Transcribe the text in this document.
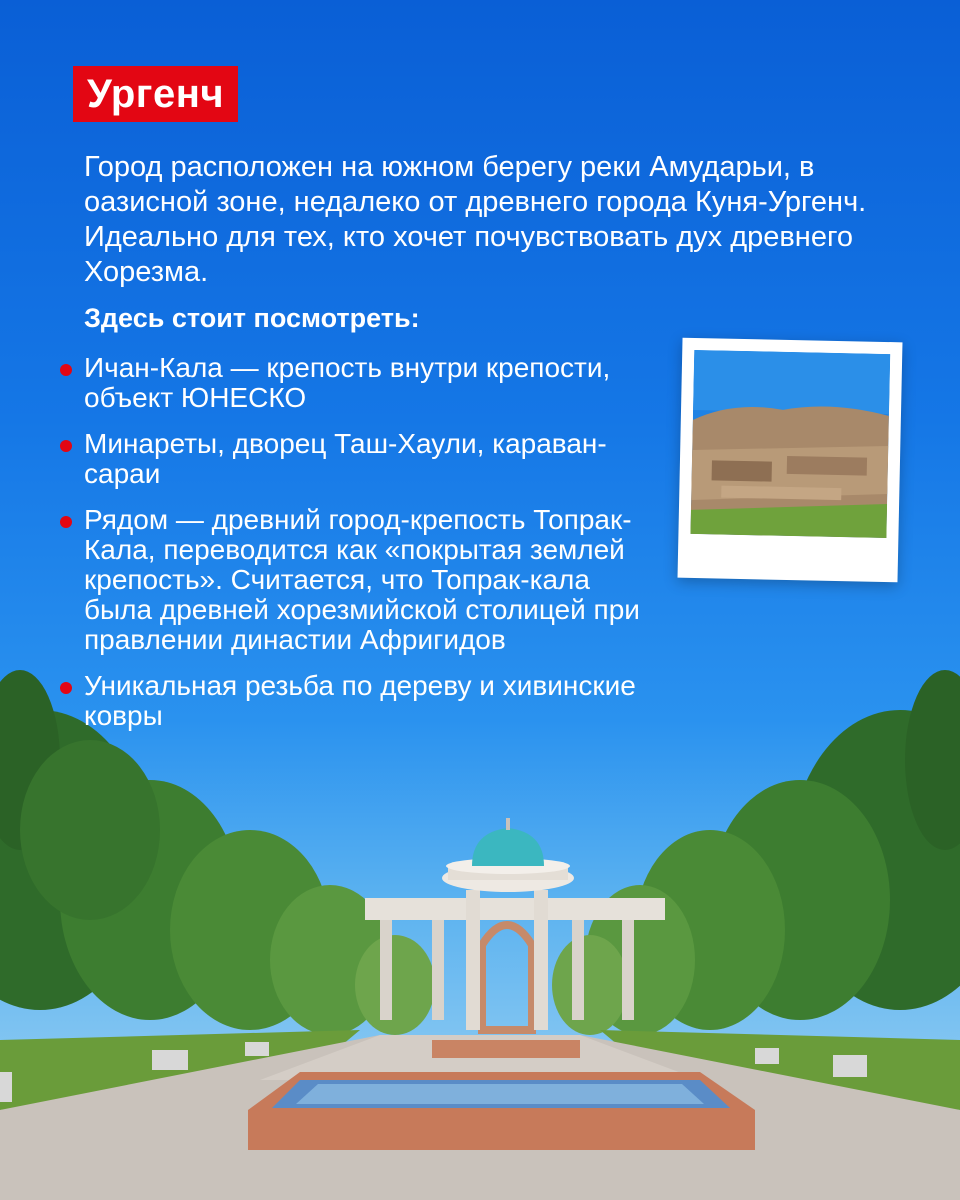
Ургенч
Город расположен на южном берегу реки Амударьи, в оазисной зоне, недалеко от древнего города Куня-Ургенч. Идеально для тех, кто хочет почувствовать дух древнего Хорезма.
Здесь стоит посмотреть:
Ичан-Кала — крепость внутри крепости, объект ЮНЕСКО
Минареты, дворец Таш-Хаули, караван-сараи
Рядом — древний город-крепость Топрак-Кала, переводится как «покрытая землей крепость». Считается, что Топрак-кала была древней хорезмийской столицей при правлении династии Афригидов
Уникальная резьба по дереву и хивинские ковры
